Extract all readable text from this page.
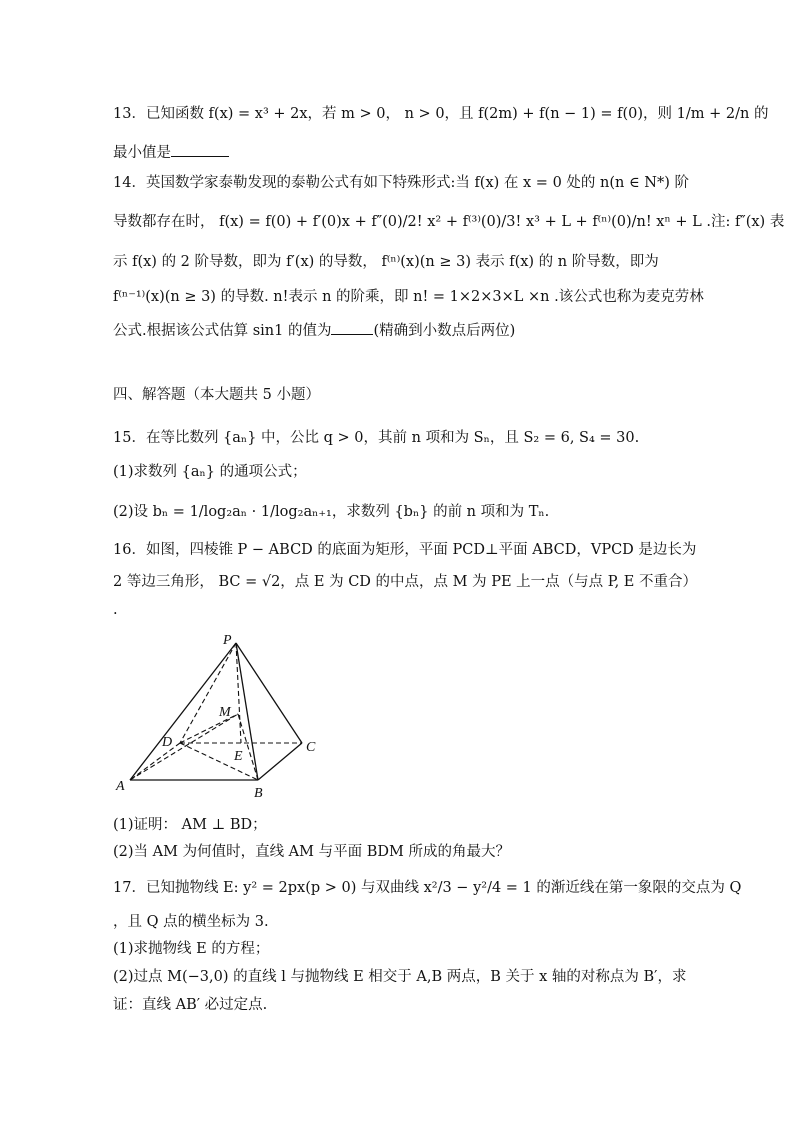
13．已知函数 f(x) = x³ + 2x，若 m > 0， n > 0，且 f(2m) + f(n − 1) = f(0)，则 1/m + 2/n 的
最小值是
14．英国数学家泰勒发现的泰勒公式有如下特殊形式:当 f(x) 在 x = 0 处的 n(n ∈ N*) 阶
导数都存在时， f(x) = f(0) + f′(0)x + f″(0)/2! x² + f⁽³⁾(0)/3! x³ + L + f⁽ⁿ⁾(0)/n! xⁿ + L .注: f″(x) 表
示 f(x) 的 2 阶导数，即为 f′(x) 的导数， f⁽ⁿ⁾(x)(n ≥ 3) 表示 f(x) 的 n 阶导数，即为
f⁽ⁿ⁻¹⁾(x)(n ≥ 3) 的导数. n!表示 n 的阶乘，即 n! = 1×2×3×L ×n .该公式也称为麦克劳林
公式.根据该公式估算 sin1 的值为	(精确到小数点后两位)
四、解答题（本大题共 5 小题）
15．在等比数列 {aₙ} 中，公比 q > 0，其前 n 项和为 Sₙ，且 S₂ = 6, S₄ = 30.
(1)求数列 {aₙ} 的通项公式；
(2)设 bₙ = 1/log₂aₙ · 1/log₂aₙ₊₁，求数列 {bₙ} 的前 n 项和为 Tₙ.
16．如图，四棱锥 P − ABCD 的底面为矩形，平面 PCD⊥平面 ABCD，VPCD 是边长为
2 等边三角形， BC = √2，点 E 为 CD 的中点，点 M 为 PE 上一点（与点 P, E 不重合）
.
P
M
D
E
C
A	B
(1)证明： AM ⊥ BD；
(2)当 AM 为何值时，直线 AM 与平面 BDM 所成的角最大？
17．已知抛物线 E: y² = 2px(p > 0) 与双曲线 x²/3 − y²/4 = 1 的渐近线在第一象限的交点为 Q
，且 Q 点的横坐标为 3.
(1)求抛物线 E 的方程；
(2)过点 M(−3,0) 的直线 l 与抛物线 E 相交于 A,B 两点，B 关于 x 轴的对称点为 B′，求
证：直线 AB′ 必过定点.
